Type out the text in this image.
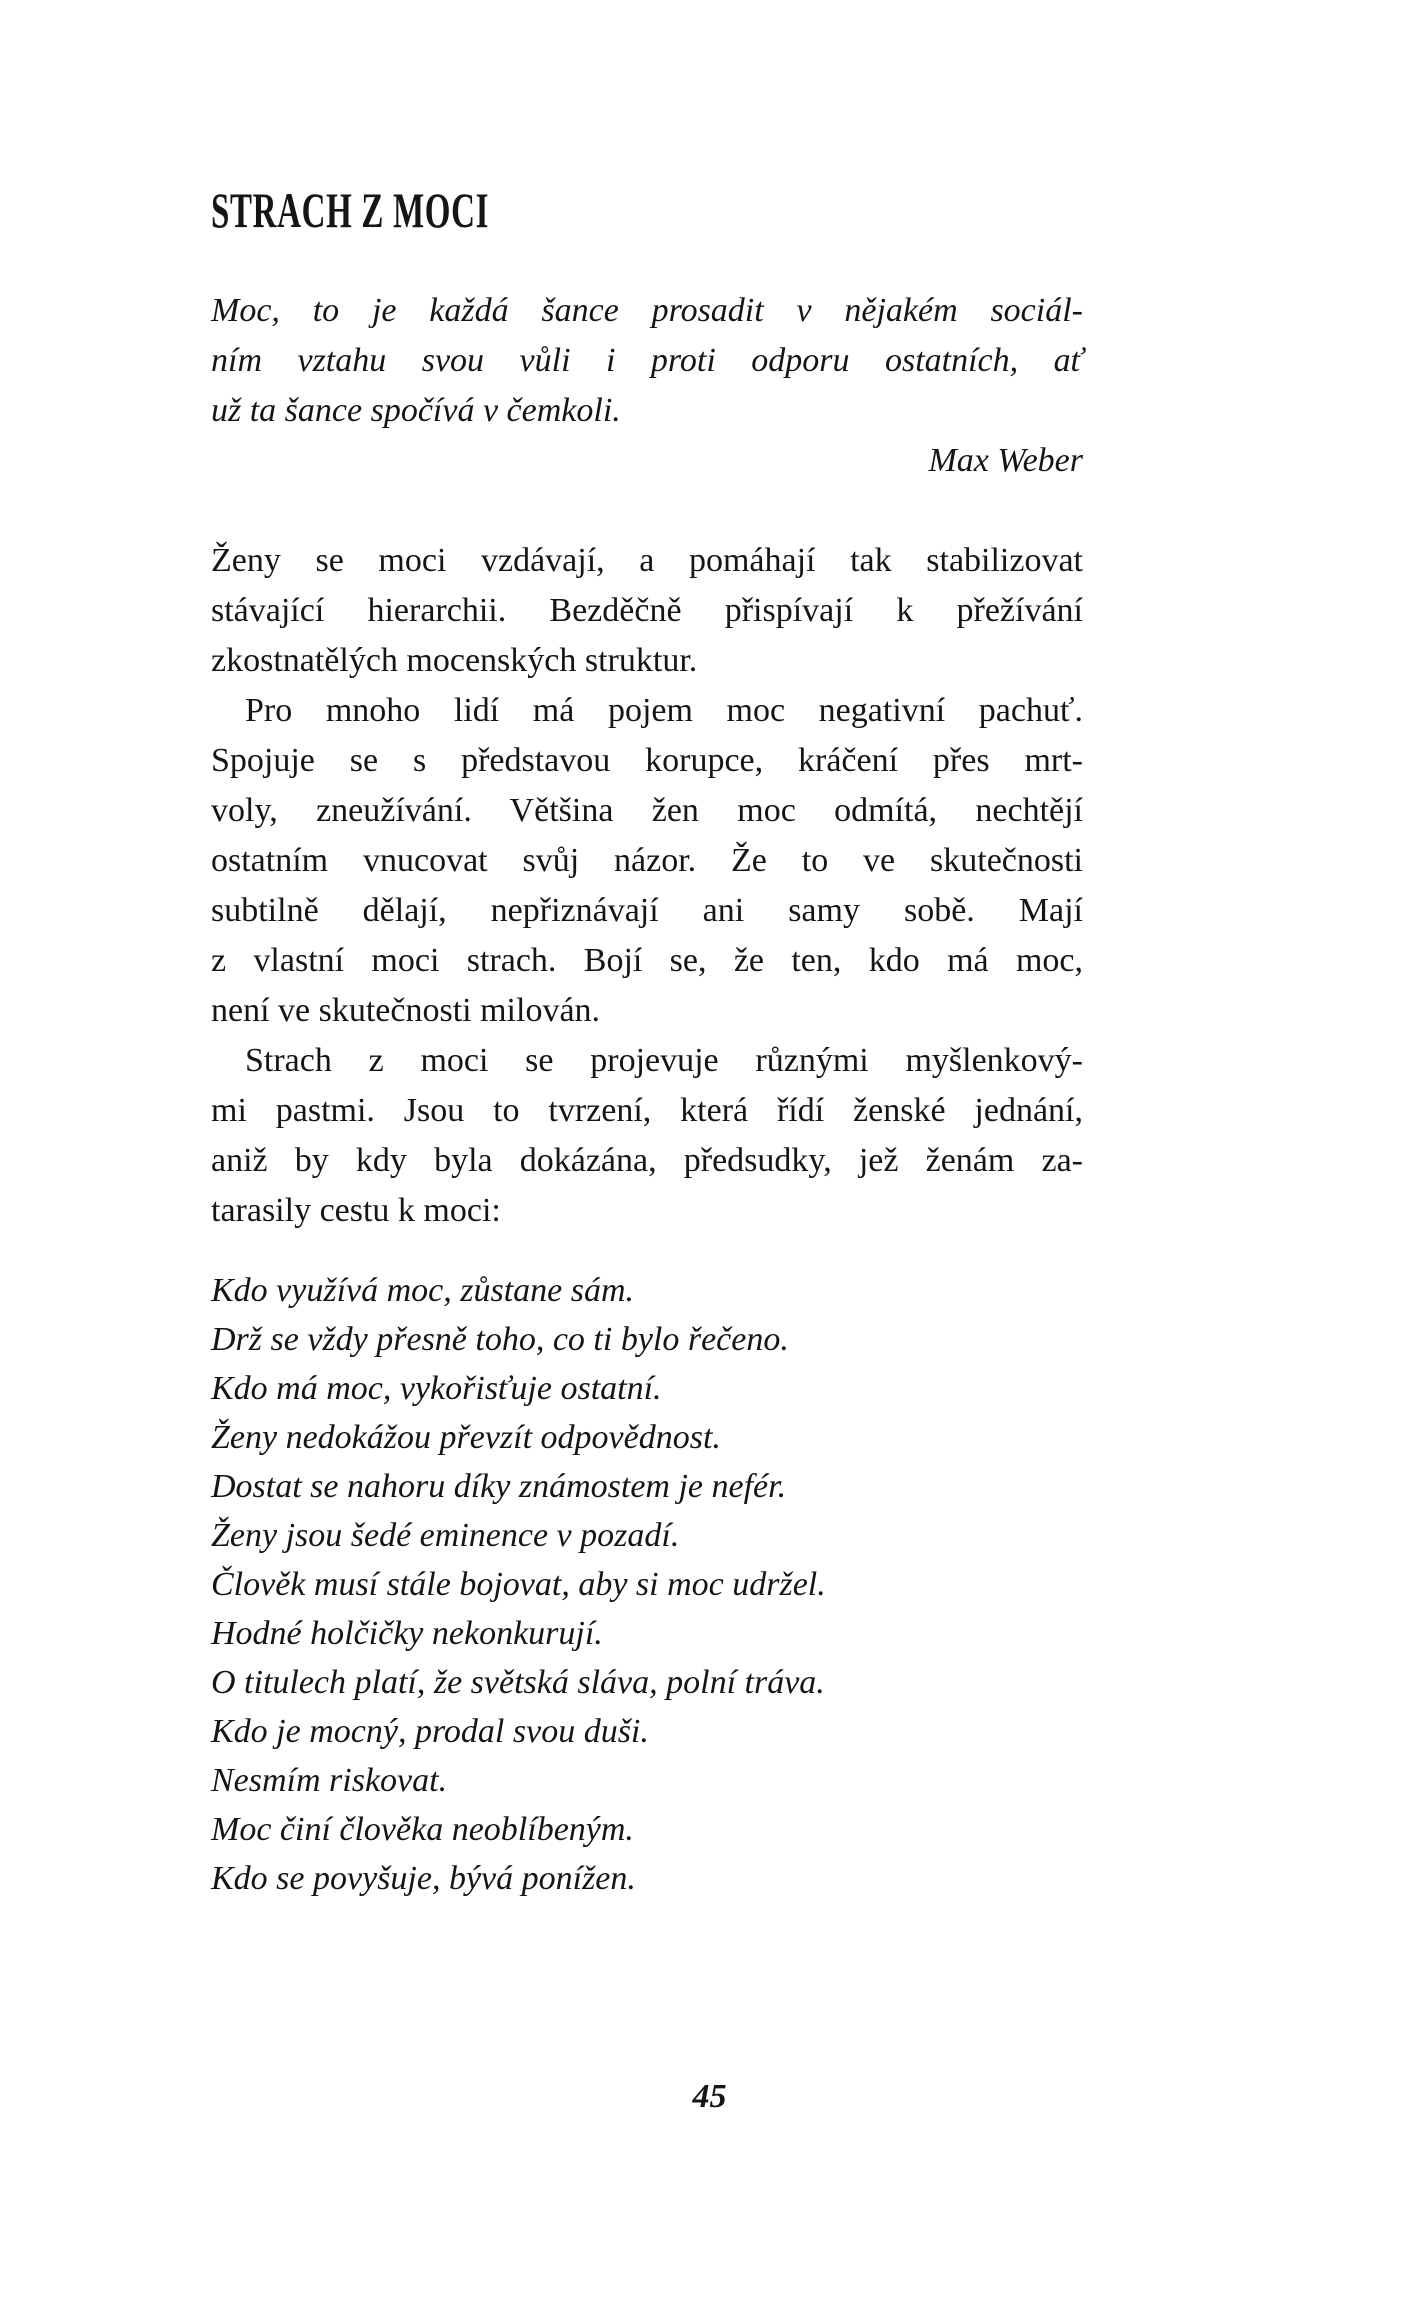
STRACH Z MOCI
Moc, to je každá šance prosadit v nějakém sociál-
ním vztahu svou vůli i proti odporu ostatních, ať
už ta šance spočívá v čemkoli.
Max Weber
Ženy se moci vzdávají, a pomáhají tak stabilizovat
stávající hierarchii. Bezděčně přispívají k přežívání
zkostnatělých mocenských struktur.
Pro mnoho lidí má pojem moc negativní pachuť.
Spojuje se s představou korupce, kráčení přes mrt-
voly, zneužívání. Většina žen moc odmítá, nechtějí
ostatním vnucovat svůj názor. Že to ve skutečnosti
subtilně dělají, nepřiznávají ani samy sobě. Mají
z vlastní moci strach. Bojí se, že ten, kdo má moc,
není ve skutečnosti milován.
Strach z moci se projevuje různými myšlenkový-
mi pastmi. Jsou to tvrzení, která řídí ženské jednání,
aniž by kdy byla dokázána, předsudky, jež ženám za-
tarasily cestu k moci:
Kdo využívá moc, zůstane sám.
Drž se vždy přesně toho, co ti bylo řečeno.
Kdo má moc, vykořisťuje ostatní.
Ženy nedokážou převzít odpovědnost.
Dostat se nahoru díky známostem je nefér.
Ženy jsou šedé eminence v pozadí.
Člověk musí stále bojovat, aby si moc udržel.
Hodné holčičky nekonkurují.
O titulech platí, že světská sláva, polní tráva.
Kdo je mocný, prodal svou duši.
Nesmím riskovat.
Moc činí člověka neoblíbeným.
Kdo se povyšuje, bývá ponížen.
45
